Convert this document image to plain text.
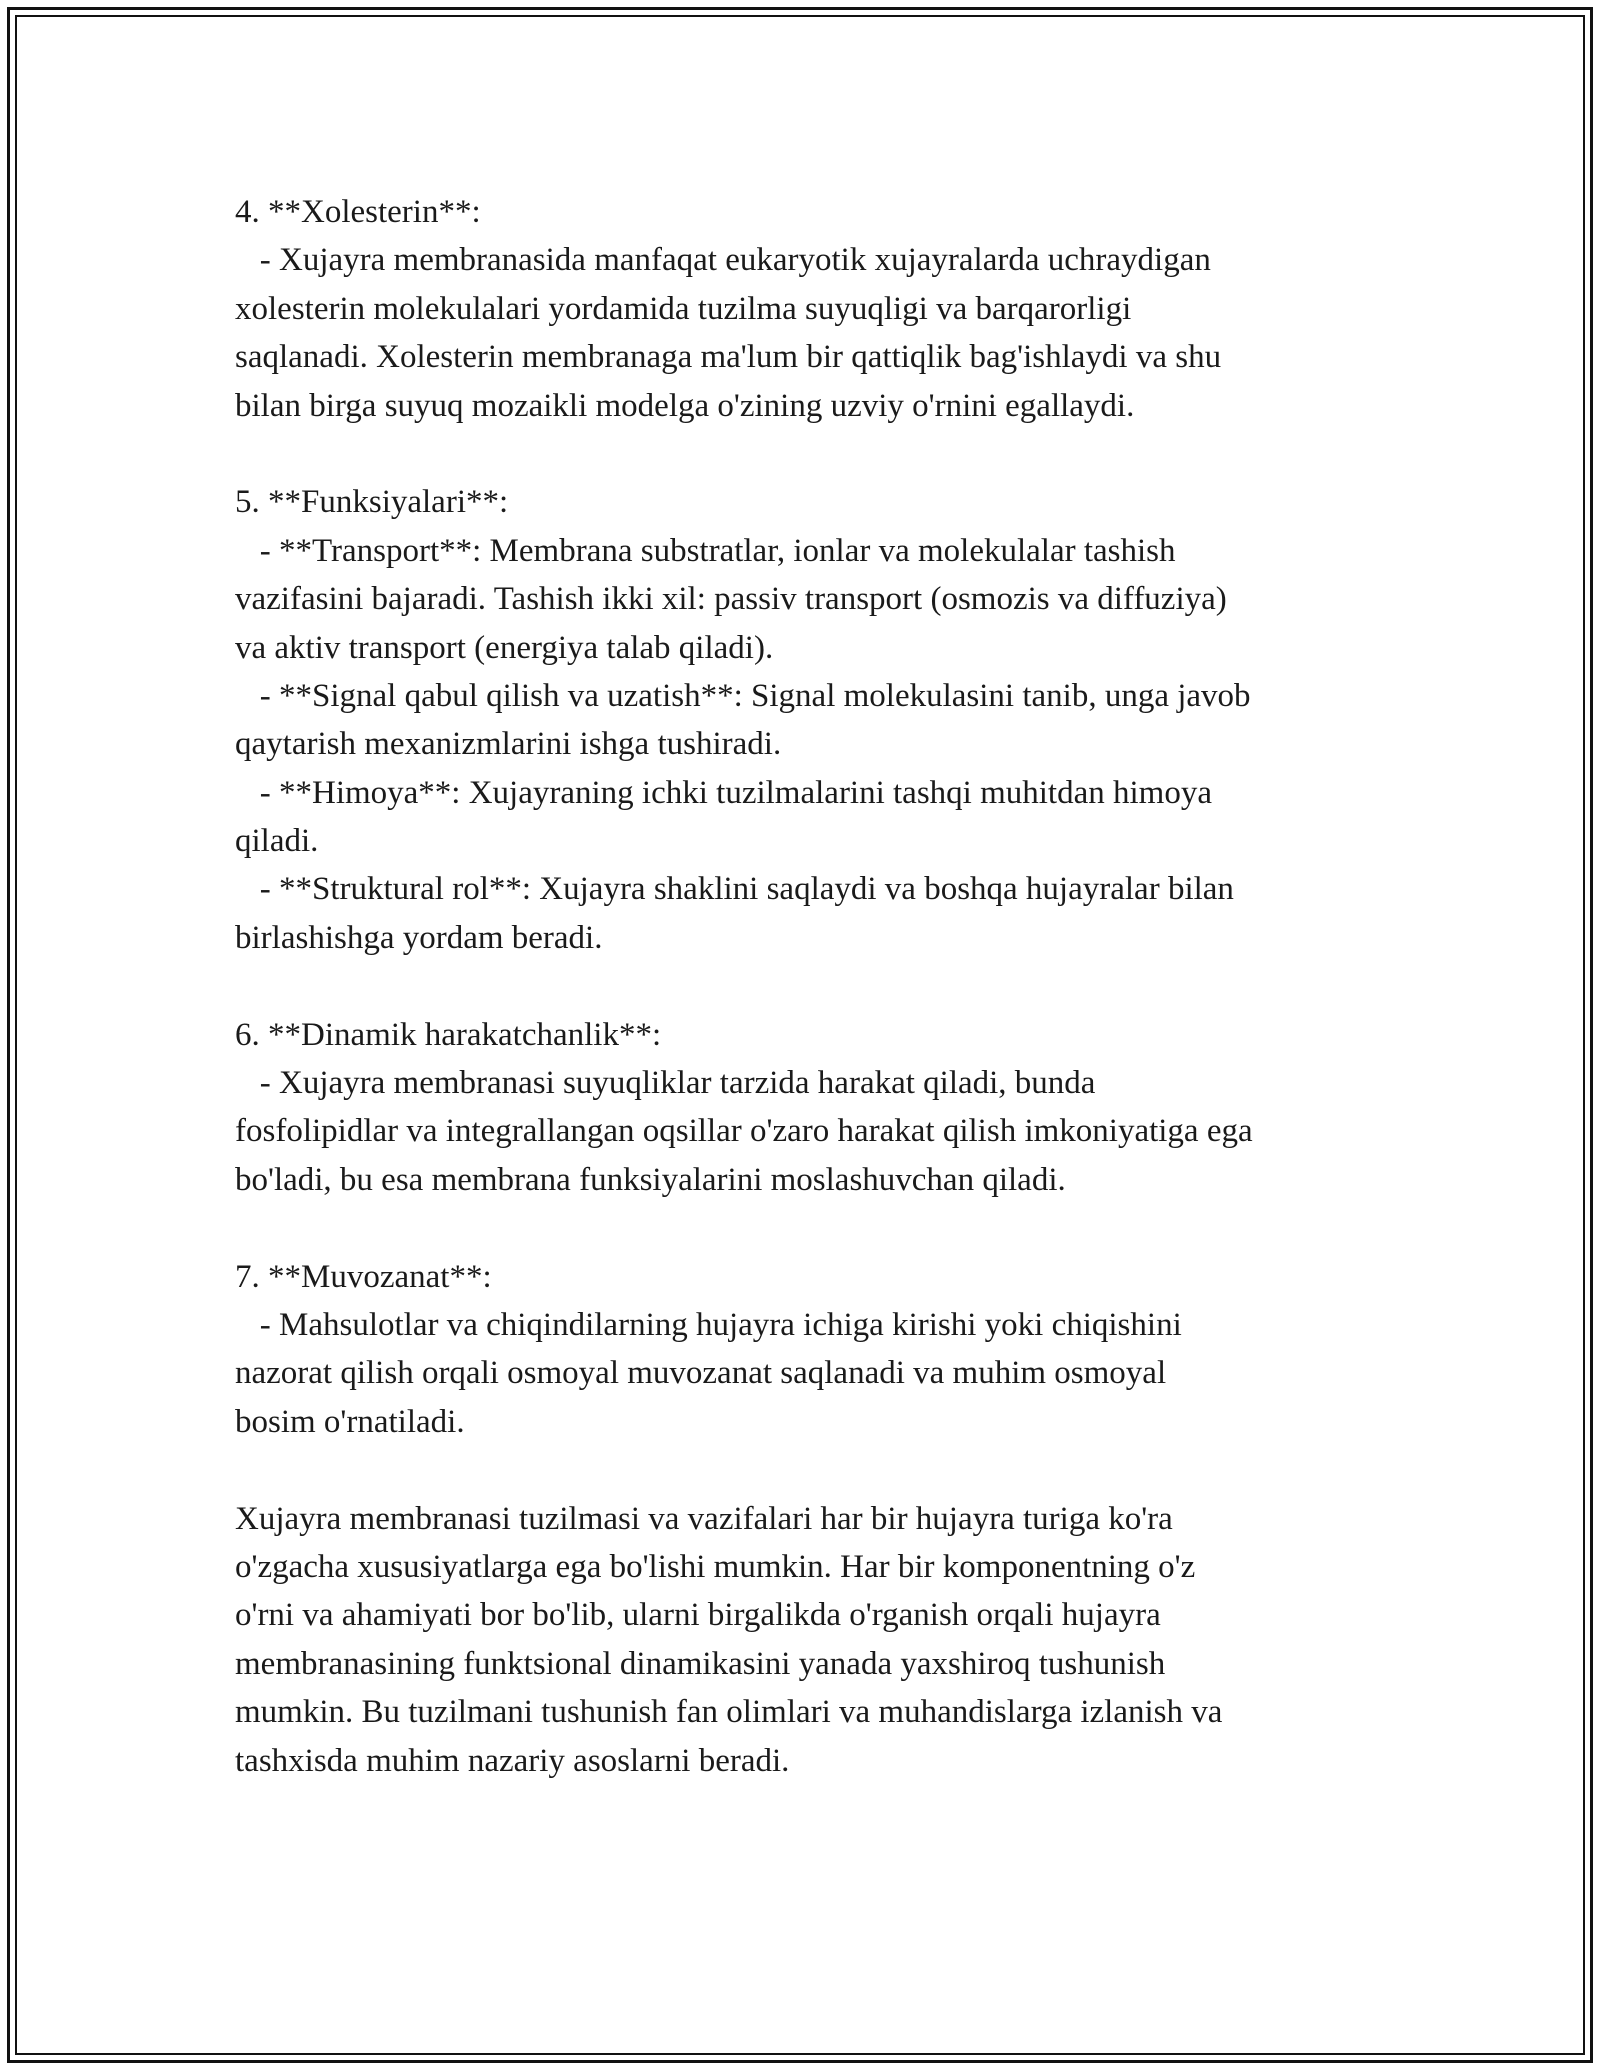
4. **Xolesterin**:
- Xujayra membranasida manfaqat eukaryotik xujayralarda uchraydigan
xolesterin molekulalari yordamida tuzilma suyuqligi va barqarorligi
saqlanadi. Xolesterin membranaga ma'lum bir qattiqlik bag'ishlaydi va shu
bilan birga suyuq mozaikli modelga o'zining uzviy o'rnini egallaydi.
5. **Funksiyalari**:
- **Transport**: Membrana substratlar, ionlar va molekulalar tashish
vazifasini bajaradi. Tashish ikki xil: passiv transport (osmozis va diffuziya)
va aktiv transport (energiya talab qiladi).
- **Signal qabul qilish va uzatish**: Signal molekulasini tanib, unga javob
qaytarish mexanizmlarini ishga tushiradi.
- **Himoya**: Xujayraning ichki tuzilmalarini tashqi muhitdan himoya
qiladi.
- **Struktural rol**: Xujayra shaklini saqlaydi va boshqa hujayralar bilan
birlashishga yordam beradi.
6. **Dinamik harakatchanlik**:
- Xujayra membranasi suyuqliklar tarzida harakat qiladi, bunda
fosfolipidlar va integrallangan oqsillar o'zaro harakat qilish imkoniyatiga ega
bo'ladi, bu esa membrana funksiyalarini moslashuvchan qiladi.
7. **Muvozanat**:
- Mahsulotlar va chiqindilarning hujayra ichiga kirishi yoki chiqishini
nazorat qilish orqali osmoyal muvozanat saqlanadi va muhim osmoyal
bosim o'rnatiladi.
Xujayra membranasi tuzilmasi va vazifalari har bir hujayra turiga ko'ra
o'zgacha xususiyatlarga ega bo'lishi mumkin. Har bir komponentning o'z
o'rni va ahamiyati bor bo'lib, ularni birgalikda o'rganish orqali hujayra
membranasining funktsional dinamikasini yanada yaxshiroq tushunish
mumkin. Bu tuzilmani tushunish fan olimlari va muhandislarga izlanish va
tashxisda muhim nazariy asoslarni beradi.
